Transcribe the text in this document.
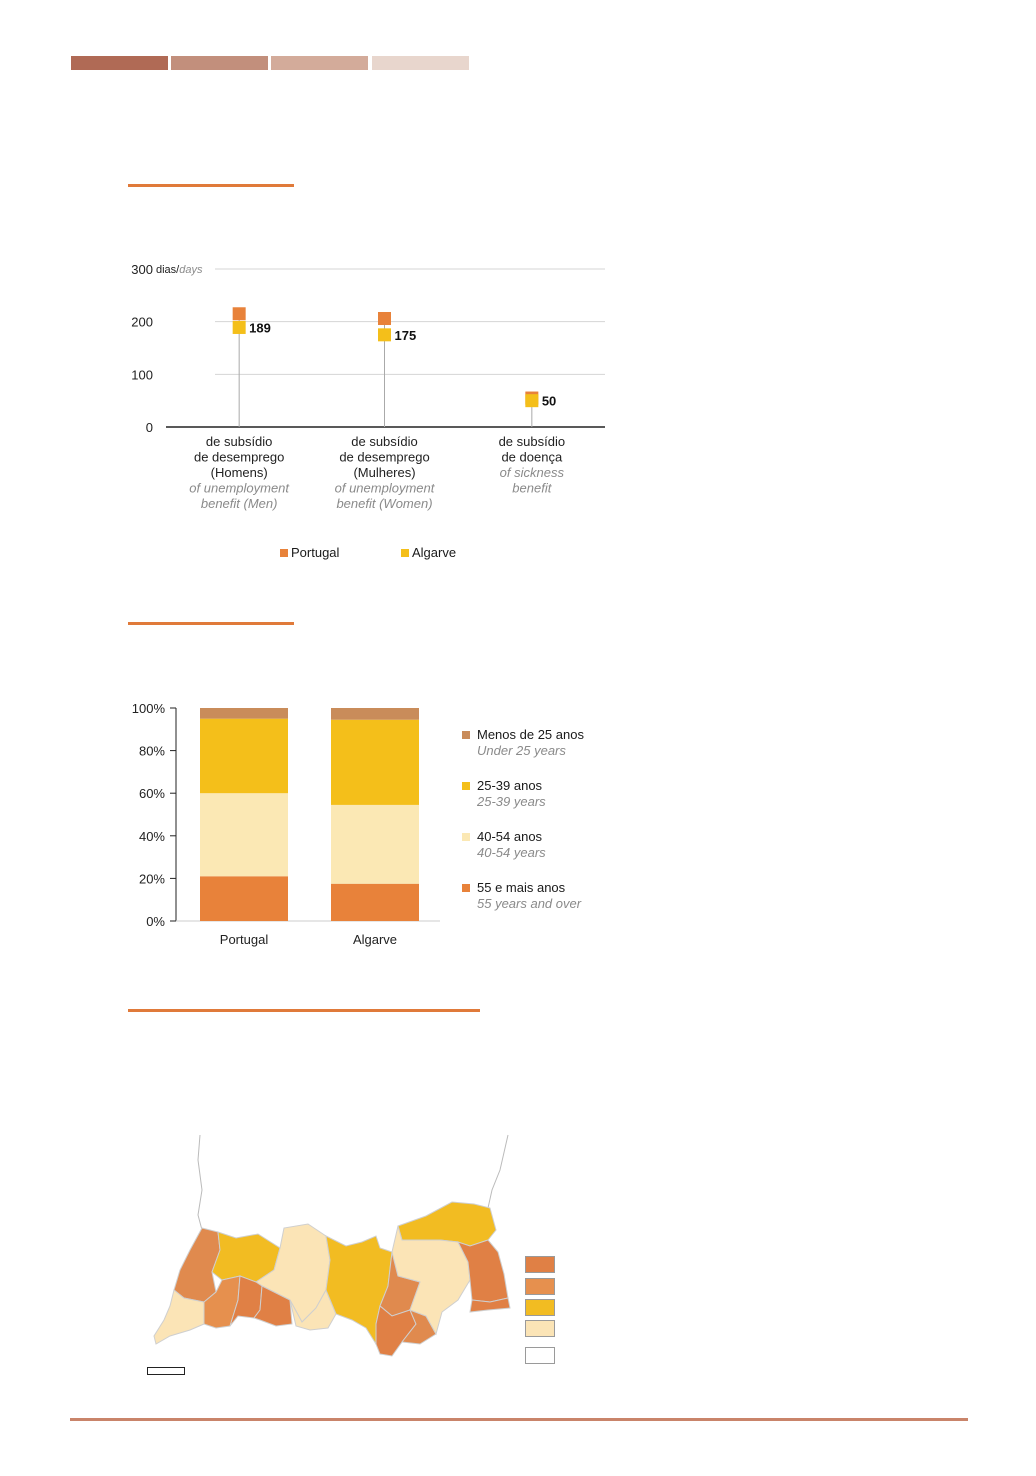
0
100
200
300 dias/days
189
de subsídio
de desemprego
(Homens)
of unemployment
benefit (Men)
175
de subsídio
de desemprego
(Mulheres)
of unemployment
benefit (Women)
50
de subsídio
de doença
of sickness
benefit
Portugal	Algarve
0%
20%
40%
60%
80%
100%
Portugal	Algarve
Menos de 25 anos
Under 25 years
25-39 anos
25-39 years
40-54 anos
40-54 years
55 e mais anos
55 years and over
